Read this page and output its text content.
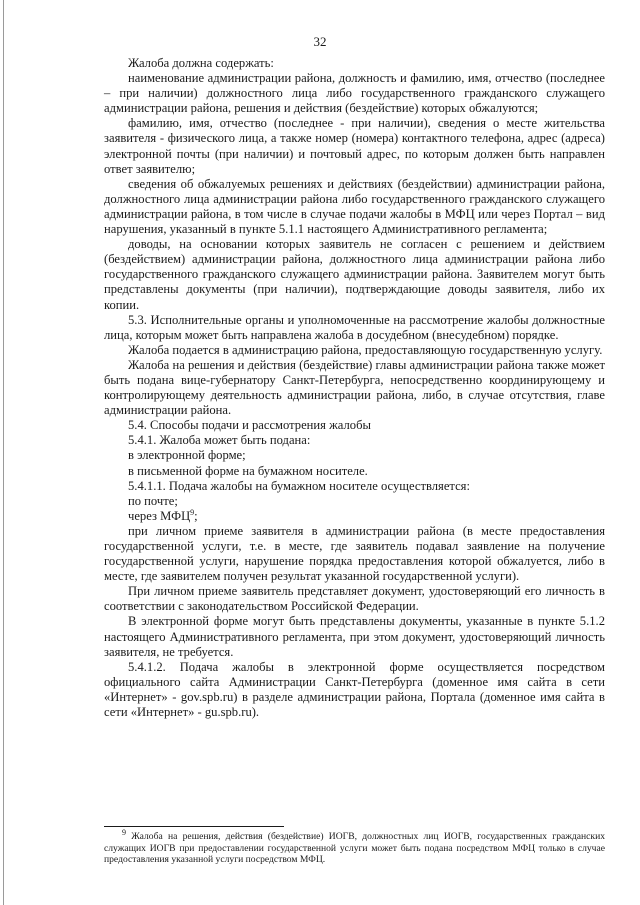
32

Жалоба должна содержать:

наименование администрации района, должность и фамилию, имя, отчество (последнее – при наличии) должностного лица либо государственного гражданского служащего администрации района, решения и действия (бездействие) которых обжалуются;

фамилию, имя, отчество (последнее - при наличии), сведения о месте жительства заявителя - физического лица, а также номер (номера) контактного телефона, адрес (адреса) электронной почты (при наличии) и почтовый адрес, по которым должен быть направлен ответ заявителю;

сведения об обжалуемых решениях и действиях (бездействии) администрации района, должностного лица администрации района либо государственного гражданского служащего администрации района, в том числе в случае подачи жалобы в МФЦ или через Портал – вид нарушения, указанный в пункте 5.1.1 настоящего Административного регламента;

доводы, на основании которых заявитель не согласен с решением и действием (бездействием) администрации района, должностного лица администрации района либо государственного гражданского служащего администрации района. Заявителем могут быть представлены документы (при наличии), подтверждающие доводы заявителя, либо их копии.

5.3. Исполнительные органы и уполномоченные на рассмотрение жалобы должностные лица, которым может быть направлена жалоба в досудебном (внесудебном) порядке.

Жалоба подается в администрацию района, предоставляющую государственную услугу.

Жалоба на решения и действия (бездействие) главы администрации района также может быть подана вице-губернатору Санкт-Петербурга, непосредственно координирующему и контролирующему деятельность администрации района, либо, в случае отсутствия, главе администрации района.

5.4. Способы подачи и рассмотрения жалобы

5.4.1. Жалоба может быть подана:

в электронной форме;

в письменной форме на бумажном носителе.

5.4.1.1. Подача жалобы на бумажном носителе осуществляется:

по почте;

через МФЦ$^9$;

при личном приеме заявителя в администрации района (в месте предоставления государственной услуги, т.е. в месте, где заявитель подавал заявление на получение государственной услуги, нарушение порядка предоставления которой обжалуется, либо в месте, где заявителем получен результат указанной государственной услуги).

При личном приеме заявитель представляет документ, удостоверяющий его личность в соответствии с законодательством Российской Федерации.

В электронной форме могут быть представлены документы, указанные в пункте 5.1.2 настоящего Административного регламента, при этом документ, удостоверяющий личность заявителя, не требуется.

5.4.1.2. Подача жалобы в электронной форме осуществляется посредством официального сайта Администрации Санкт-Петербурга (доменное имя сайта в сети «Интернет» - gov.spb.ru) в разделе администрации района, Портала (доменное имя сайта в сети «Интернет» - gu.spb.ru).

$^9$ Жалоба на решения, действия (бездействие) ИОГВ, должностных лиц ИОГВ, государственных гражданских служащих ИОГВ при предоставлении государственной услуги может быть подана посредством МФЦ только в случае предоставления указанной услуги посредством МФЦ.
